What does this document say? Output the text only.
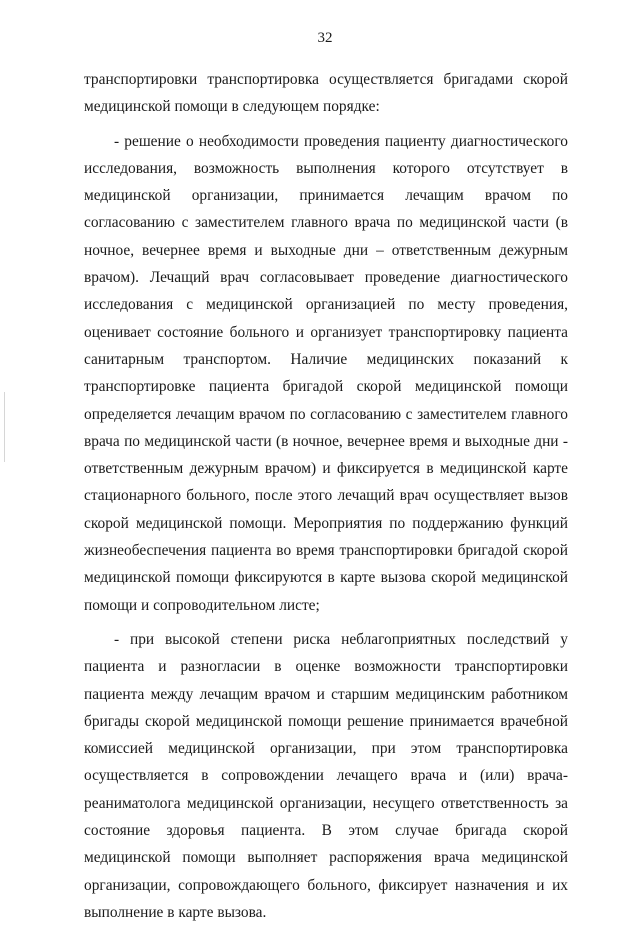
32

транспортировки транспортировка осуществляется бригадами скорой медицинской помощи в следующем порядке:

- решение о необходимости проведения пациенту диагностического исследования, возможность выполнения которого отсутствует в медицинской организации, принимается лечащим врачом по согласованию с заместителем главного врача по медицинской части (в ночное, вечернее время и выходные дни – ответственным дежурным врачом). Лечащий врач согласовывает проведение диагностического исследования с медицинской организацией по месту проведения, оценивает состояние больного и организует транспортировку пациента санитарным транспортом. Наличие медицинских показаний к транспортировке пациента бригадой скорой медицинской помощи определяется лечащим врачом по согласованию с заместителем главного врача по медицинской части (в ночное, вечернее время и выходные дни - ответственным дежурным врачом) и фиксируется в медицинской карте стационарного больного, после этого лечащий врач осуществляет вызов скорой медицинской помощи. Мероприятия по поддержанию функций жизнеобеспечения пациента во время транспортировки бригадой скорой медицинской помощи фиксируются в карте вызова скорой медицинской помощи и сопроводительном листе;

- при высокой степени риска неблагоприятных последствий у пациента и разногласии в оценке возможности транспортировки пациента между лечащим врачом и старшим медицинским работником бригады скорой медицинской помощи решение принимается врачебной комиссией медицинской организации, при этом транспортировка осуществляется в сопровождении лечащего врача и (или) врача-реаниматолога медицинской организации, несущего ответственность за состояние здоровья пациента. В этом случае бригада скорой медицинской помощи выполняет распоряжения врача медицинской организации, сопровождающего больного, фиксирует назначения и их выполнение в карте вызова.
